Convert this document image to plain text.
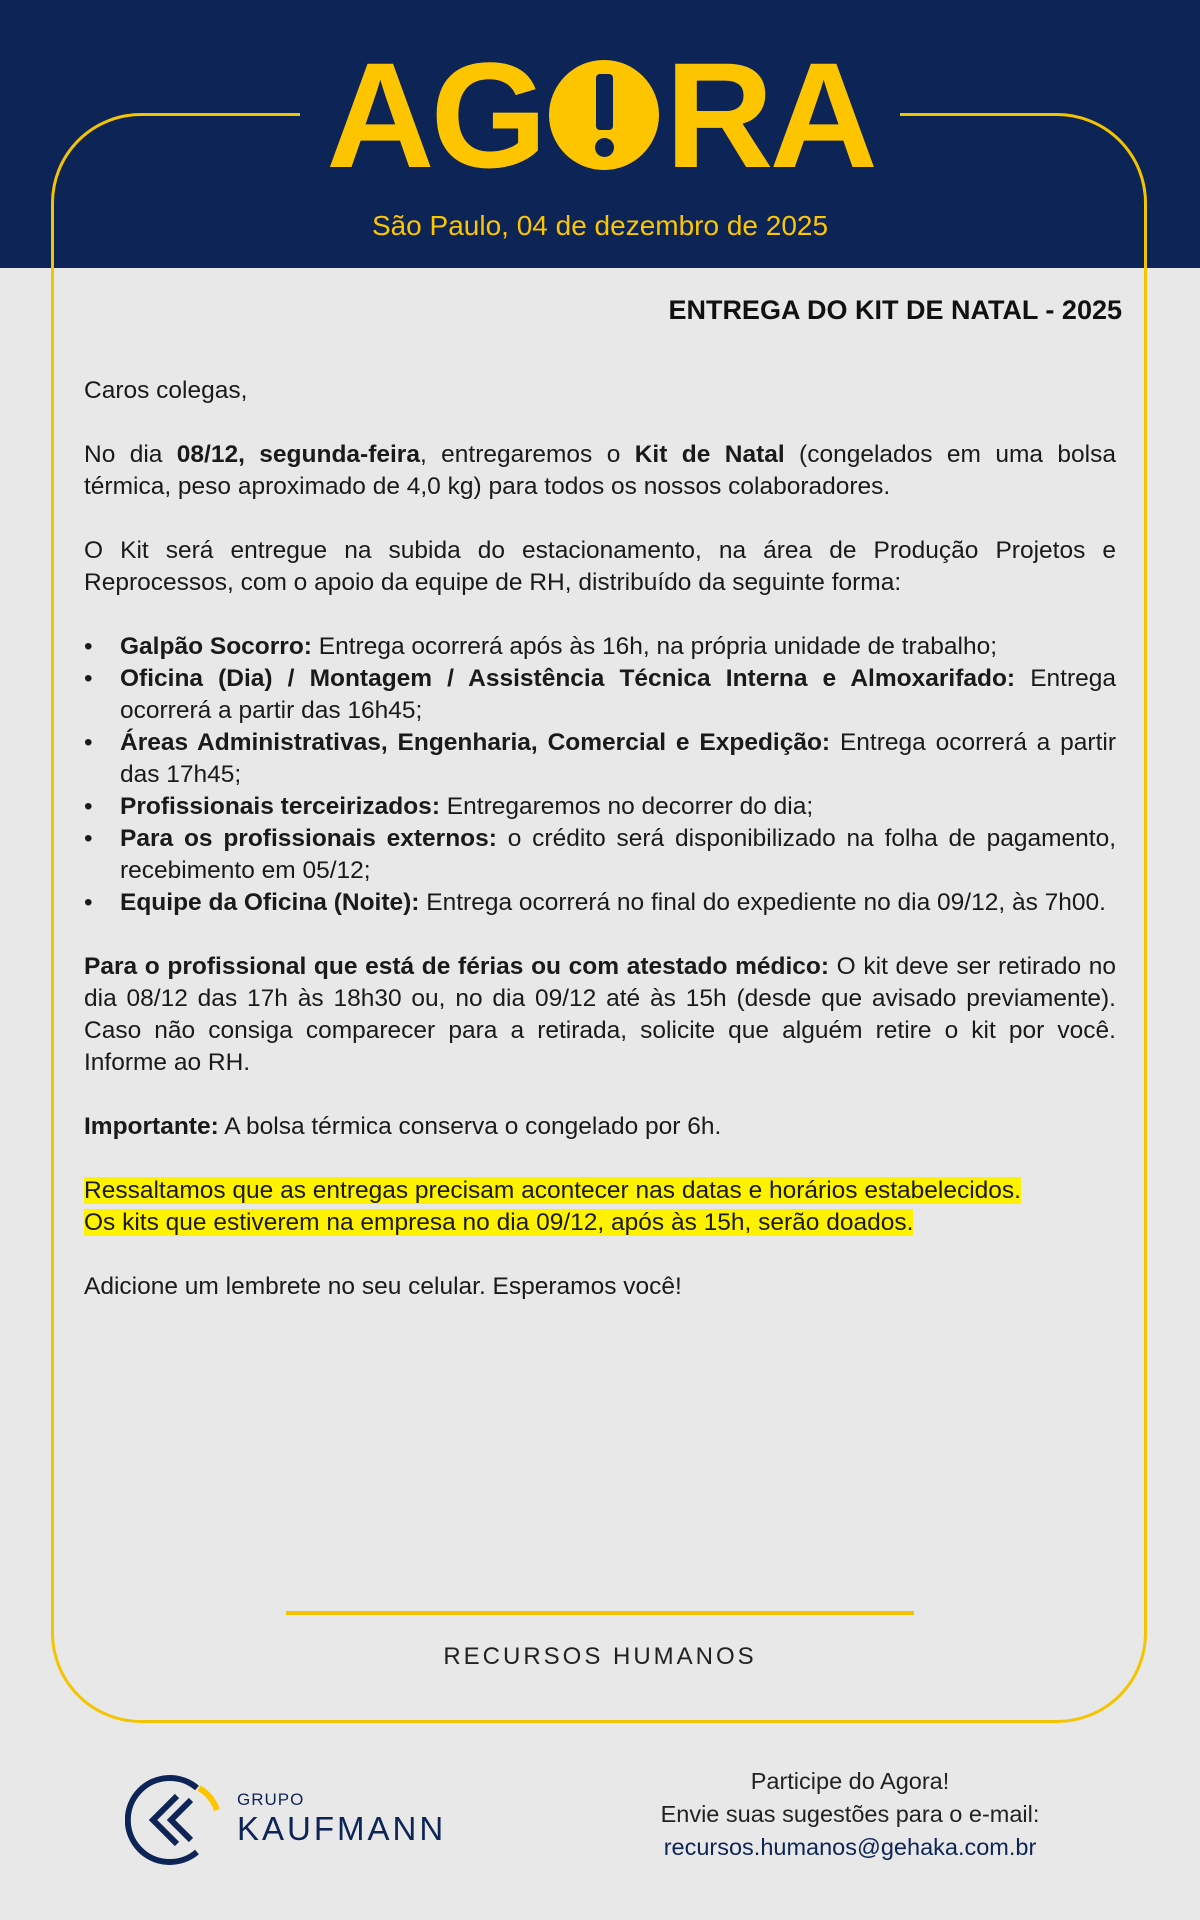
AG RA
São Paulo, 04 de dezembro de 2025
ENTREGA DO KIT DE NATAL - 2025

Caros colegas,

No dia 08/12, segunda-feira, entregaremos o Kit de Natal (congelados em uma bolsa térmica, peso aproximado de 4,0 kg) para todos os nossos colaboradores.

O Kit será entregue na subida do estacionamento, na área de Produção Projetos e Reprocessos, com o apoio da equipe de RH, distribuído da seguinte forma:

• Galpão Socorro: Entrega ocorrerá após às 16h, na própria unidade de trabalho;
• Oficina (Dia) / Montagem / Assistência Técnica Interna e Almoxarifado: Entrega ocorrerá a partir das 16h45;
• Áreas Administrativas, Engenharia, Comercial e Expedição: Entrega ocorrerá a partir das 17h45;
• Profissionais terceirizados: Entregaremos no decorrer do dia;
• Para os profissionais externos: o crédito será disponibilizado na folha de pagamento, recebimento em 05/12;
• Equipe da Oficina (Noite): Entrega ocorrerá no final do expediente no dia 09/12, às 7h00.

Para o profissional que está de férias ou com atestado médico: O kit deve ser retirado no dia 08/12 das 17h às 18h30 ou, no dia 09/12 até às 15h (desde que avisado previamente). Caso não consiga comparecer para a retirada, solicite que alguém retire o kit por você. Informe ao RH.

Importante: A bolsa térmica conserva o congelado por 6h.

Ressaltamos que as entregas precisam acontecer nas datas e horários estabelecidos.
Os kits que estiverem na empresa no dia 09/12, após às 15h, serão doados.

Adicione um lembrete no seu celular. Esperamos você!

RECURSOS HUMANOS
GRUPO
KAUFMANN
Participe do Agora!
Envie suas sugestões para o e-mail:
recursos.humanos@gehaka.com.br
